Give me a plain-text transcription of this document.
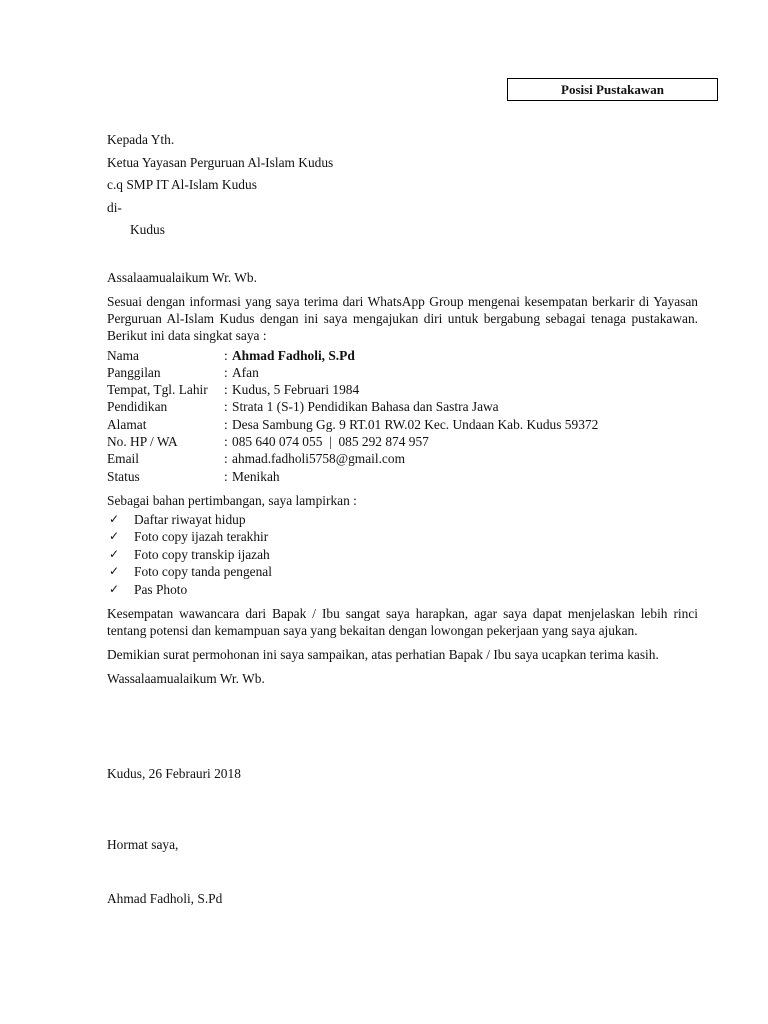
Posisi Pustakawan
Kepada Yth.
Ketua Yayasan Perguruan Al-Islam Kudus
c.q SMP IT Al-Islam Kudus
di-
Kudus
Assalaamualaikum Wr. Wb.
Sesuai dengan informasi yang saya terima dari WhatsApp Group mengenai kesempatan berkarir di Yayasan Perguruan Al-Islam Kudus dengan ini saya mengajukan diri untuk bergabung sebagai tenaga pustakawan. Berikut ini data singkat saya :
Nama	: Ahmad Fadholi, S.Pd
Panggilan	: Afan
Tempat, Tgl. Lahir	: Kudus, 5 Februari 1984
Pendidikan	: Strata 1 (S-1) Pendidikan Bahasa dan Sastra Jawa
Alamat	: Desa Sambung Gg. 9 RT.01 RW.02 Kec. Undaan Kab. Kudus 59372
No. HP / WA	: 085 640 074 055  |  085 292 874 957
Email	: ahmad.fadholi5758@gmail.com
Status	: Menikah
Sebagai bahan pertimbangan, saya lampirkan :
✓	Daftar riwayat hidup
✓	Foto copy ijazah terakhir
✓	Foto copy transkip ijazah
✓	Foto copy tanda pengenal
✓	Pas Photo
Kesempatan wawancara dari Bapak / Ibu sangat saya harapkan, agar saya dapat menjelaskan lebih rinci tentang potensi dan kemampuan saya yang bekaitan dengan lowongan pekerjaan yang saya ajukan.
Demikian surat permohonan ini saya sampaikan, atas perhatian Bapak / Ibu saya ucapkan terima kasih.
Wassalaamualaikum Wr. Wb.
Kudus, 26 Febrauri 2018
Hormat saya,
Ahmad Fadholi, S.Pd
